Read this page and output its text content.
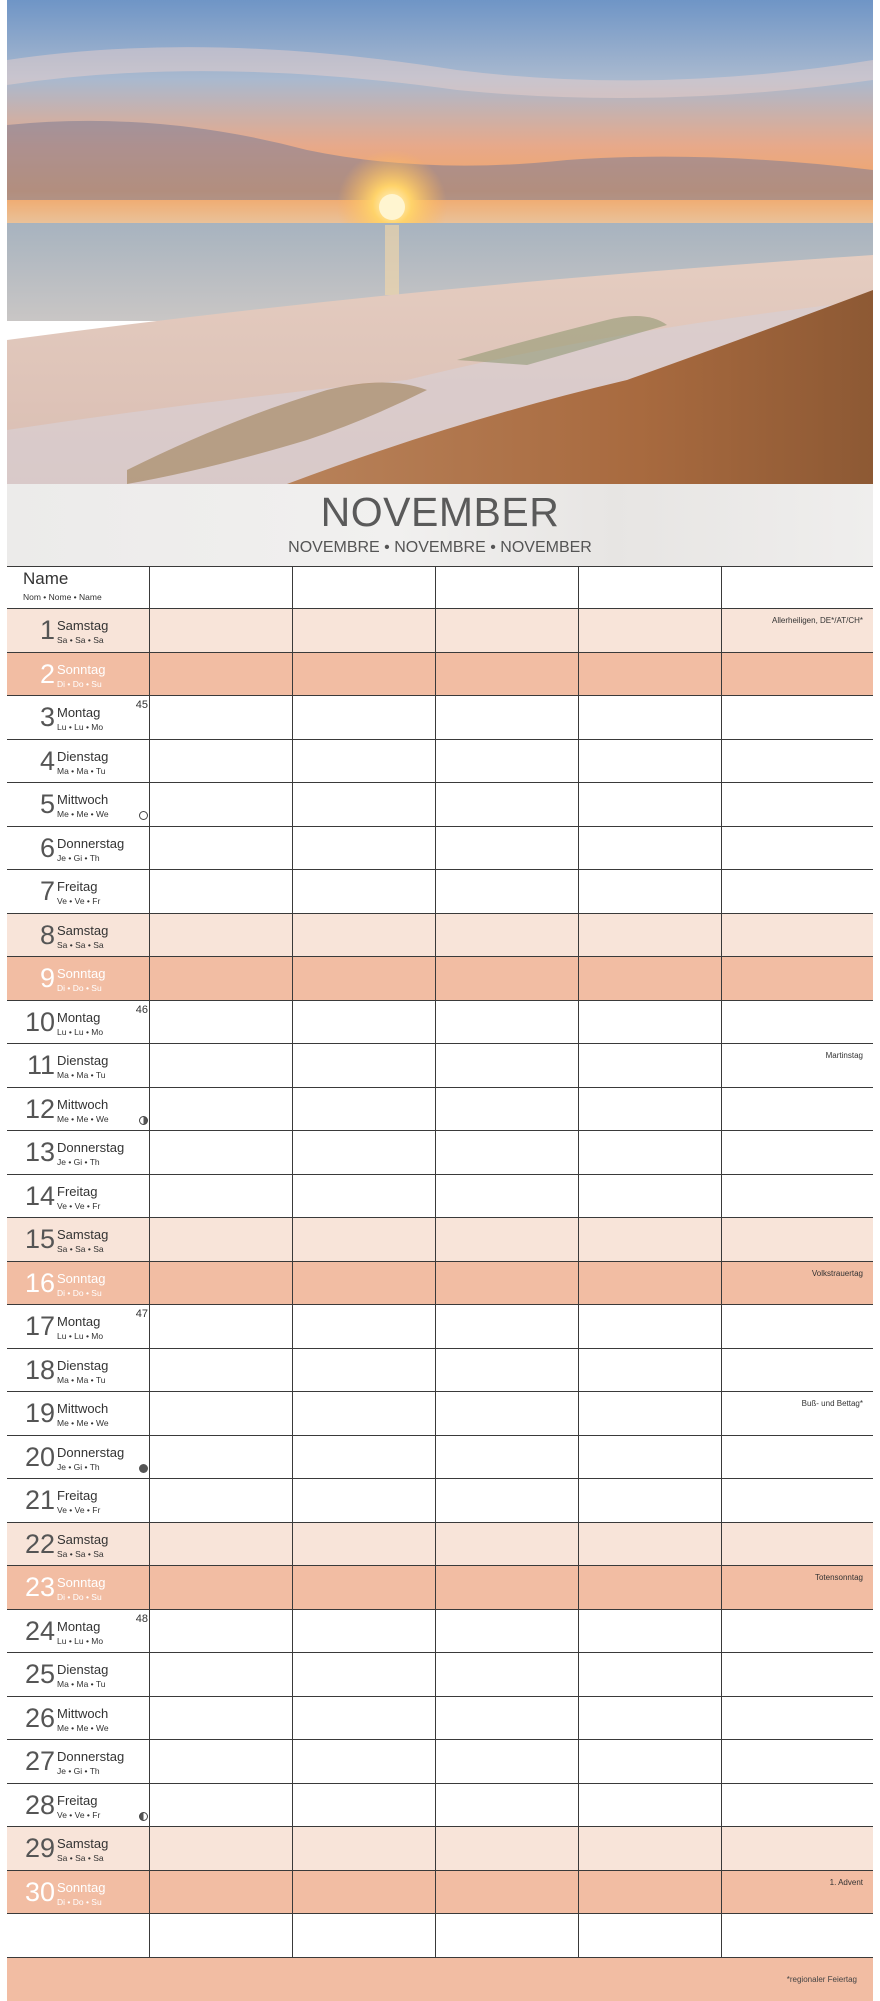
NOVEMBER
NOVEMBRE • NOVEMBRE • NOVEMBER
Name
Nom • Nome • Name
1 Samstag
Sa • Sa • Sa
Allerheiligen, DE*/AT/CH*
2 Sonntag
Di • Do • Su
3 Montag
Lu • Lu • Mo
45
4 Dienstag
Ma • Ma • Tu
5 Mittwoch
Me • Me • We
6 Donnerstag
Je • Gi • Th
7 Freitag
Ve • Ve • Fr
8 Samstag
Sa • Sa • Sa
9 Sonntag
Di • Do • Su
10 Montag
Lu • Lu • Mo
46
11 Dienstag
Ma • Ma • Tu
Martinstag
12 Mittwoch
Me • Me • We
13 Donnerstag
Je • Gi • Th
14 Freitag
Ve • Ve • Fr
15 Samstag
Sa • Sa • Sa
16 Sonntag
Di • Do • Su
Volkstrauertag
17 Montag
Lu • Lu • Mo
47
18 Dienstag
Ma • Ma • Tu
19 Mittwoch
Me • Me • We
Buß- und Bettag*
20 Donnerstag
Je • Gi • Th
21 Freitag
Ve • Ve • Fr
22 Samstag
Sa • Sa • Sa
23 Sonntag
Di • Do • Su
Totensonntag
24 Montag
Lu • Lu • Mo
48
25 Dienstag
Ma • Ma • Tu
26 Mittwoch
Me • Me • We
27 Donnerstag
Je • Gi • Th
28 Freitag
Ve • Ve • Fr
29 Samstag
Sa • Sa • Sa
30 Sonntag
Di • Do • Su
1. Advent
*regionaler Feiertag
